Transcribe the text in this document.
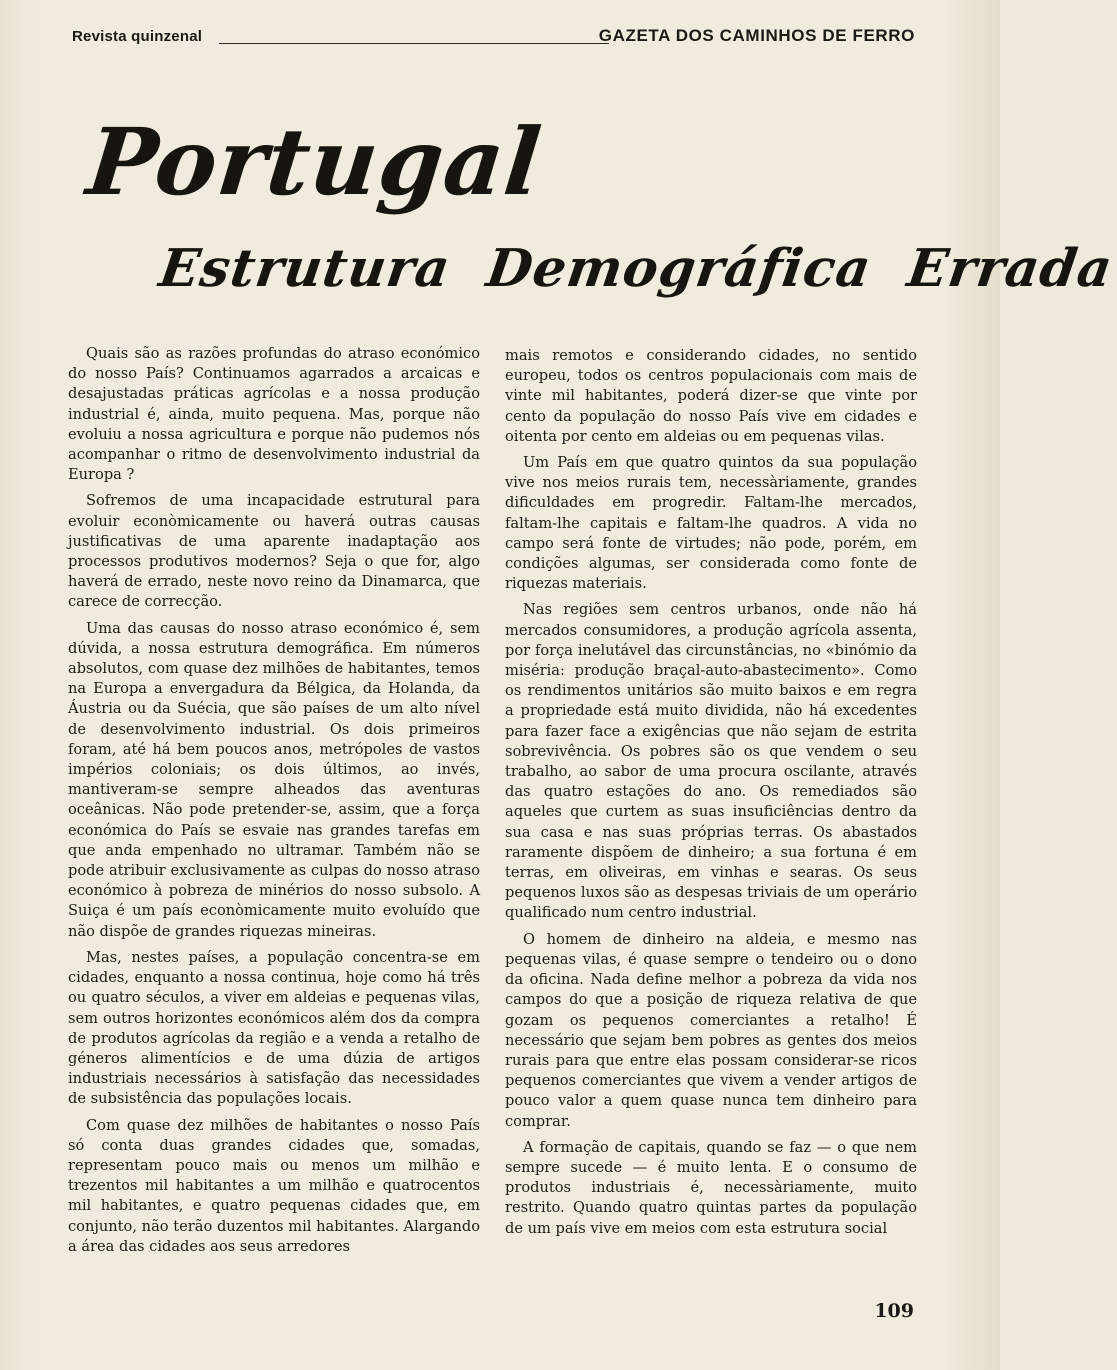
Revista quinzenal	GAZETA DOS CAMINHOS DE FERRO
Portugal
Estrutura Demográfica Errada

Quais são as razões profundas do atraso económico do nosso País? Continuamos agarrados a arcaicas e desajustadas práticas agrícolas e a nossa produção industrial é, ainda, muito pequena. Mas, porque não evoluiu a nossa agricultura e porque não pudemos nós acompanhar o ritmo de desenvolvimento industrial da Europa ?

Sofremos de uma incapacidade estrutural para evoluir econòmicamente ou haverá outras causas justificativas de uma aparente inadaptação aos processos produtivos modernos? Seja o que for, algo haverá de errado, neste novo reino da Dinamarca, que carece de correcção.

Uma das causas do nosso atraso económico é, sem dúvida, a nossa estrutura demográfica. Em números absolutos, com quase dez milhões de habitantes, temos na Europa a envergadura da Bélgica, da Holanda, da Áustria ou da Suécia, que são países de um alto nível de desenvolvimento industrial. Os dois primeiros foram, até há bem poucos anos, metrópoles de vastos impérios coloniais; os dois últimos, ao invés, mantiveram-se sempre alheados das aventuras oceânicas. Não pode pretender-se, assim, que a força económica do País se esvaie nas grandes tarefas em que anda empenhado no ultramar. Também não se pode atribuir exclusivamente as culpas do nosso atraso económico à pobreza de minérios do nosso subsolo. A Suiça é um país econòmicamente muito evoluído que não dispõe de grandes riquezas mineiras.

Mas, nestes países, a população concentra-se em cidades, enquanto a nossa continua, hoje como há três ou quatro séculos, a viver em aldeias e pequenas vilas, sem outros horizontes económicos além dos da compra de produtos agrícolas da região e a venda a retalho de géneros alimentícios e de uma dúzia de artigos industriais necessários à satisfação das necessidades de subsistência das populações locais.

Com quase dez milhões de habitantes o nosso País só conta duas grandes cidades que, somadas, representam pouco mais ou menos um milhão e trezentos mil habitantes a um milhão e quatrocentos mil habitantes, e quatro pequenas cidades que, em conjunto, não terão duzentos mil habitantes. Alargando a área das cidades aos seus arredores

mais remotos e considerando cidades, no sentido europeu, todos os centros populacionais com mais de vinte mil habitantes, poderá dizer-se que vinte por cento da população do nosso País vive em cidades e oitenta por cento em aldeias ou em pequenas vilas.

Um País em que quatro quintos da sua população vive nos meios rurais tem, necessàriamente, grandes dificuldades em progredir. Faltam-lhe mercados, faltam-lhe capitais e faltam-lhe quadros. A vida no campo será fonte de virtudes; não pode, porém, em condições algumas, ser considerada como fonte de riquezas materiais.

Nas regiões sem centros urbanos, onde não há mercados consumidores, a produção agrícola assenta, por força inelutável das circunstâncias, no «binómio da miséria: produção braçal-auto-abastecimento». Como os rendimentos unitários são muito baixos e em regra a propriedade está muito dividida, não há excedentes para fazer face a exigências que não sejam de estrita sobrevivência. Os pobres são os que vendem o seu trabalho, ao sabor de uma procura oscilante, através das quatro estações do ano. Os remediados são aqueles que curtem as suas insuficiências dentro da sua casa e nas suas próprias terras. Os abastados raramente dispõem de dinheiro; a sua fortuna é em terras, em oliveiras, em vinhas e searas. Os seus pequenos luxos são as despesas triviais de um operário qualificado num centro industrial.

O homem de dinheiro na aldeia, e mesmo nas pequenas vilas, é quase sempre o tendeiro ou o dono da oficina. Nada define melhor a pobreza da vida nos campos do que a posição de riqueza relativa de que gozam os pequenos comerciantes a retalho! É necessário que sejam bem pobres as gentes dos meios rurais para que entre elas possam considerar-se ricos pequenos comerciantes que vivem a vender artigos de pouco valor a quem quase nunca tem dinheiro para comprar.

A formação de capitais, quando se faz — o que nem sempre sucede — é muito lenta. E o consumo de produtos industriais é, necessàriamente, muito restrito. Quando quatro quintas partes da população de um país vive em meios com esta estrutura social

109
